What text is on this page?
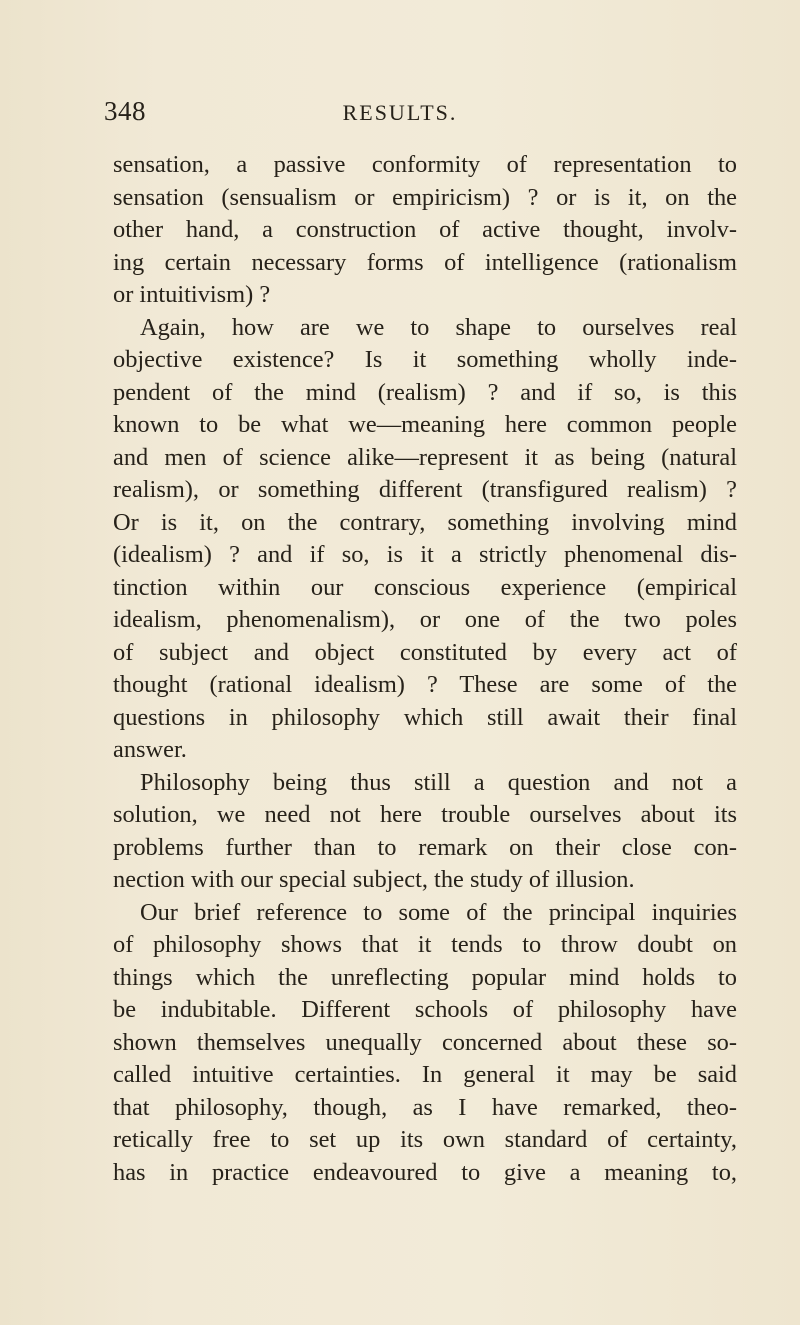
348	RESULTS.
sensation, a passive conformity of representation to
sensation (sensualism or empiricism) ? or is it, on the
other hand, a construction of active thought, involv-
ing certain necessary forms of intelligence (rationalism
or intuitivism) ?
Again, how are we to shape to ourselves real
objective existence? Is it something wholly inde-
pendent of the mind (realism) ? and if so, is this
known to be what we—meaning here common people
and men of science alike—represent it as being (natural
realism), or something different (transfigured realism) ?
Or is it, on the contrary, something involving mind
(idealism) ? and if so, is it a strictly phenomenal dis-
tinction within our conscious experience (empirical
idealism, phenomenalism), or one of the two poles
of subject and object constituted by every act of
thought (rational idealism) ? These are some of the
questions in philosophy which still await their final
answer.
Philosophy being thus still a question and not a
solution, we need not here trouble ourselves about its
problems further than to remark on their close con-
nection with our special subject, the study of illusion.
Our brief reference to some of the principal inquiries
of philosophy shows that it tends to throw doubt on
things which the unreflecting popular mind holds to
be indubitable. Different schools of philosophy have
shown themselves unequally concerned about these so-
called intuitive certainties. In general it may be said
that philosophy, though, as I have remarked, theo-
retically free to set up its own standard of certainty,
has in practice endeavoured to give a meaning to,
